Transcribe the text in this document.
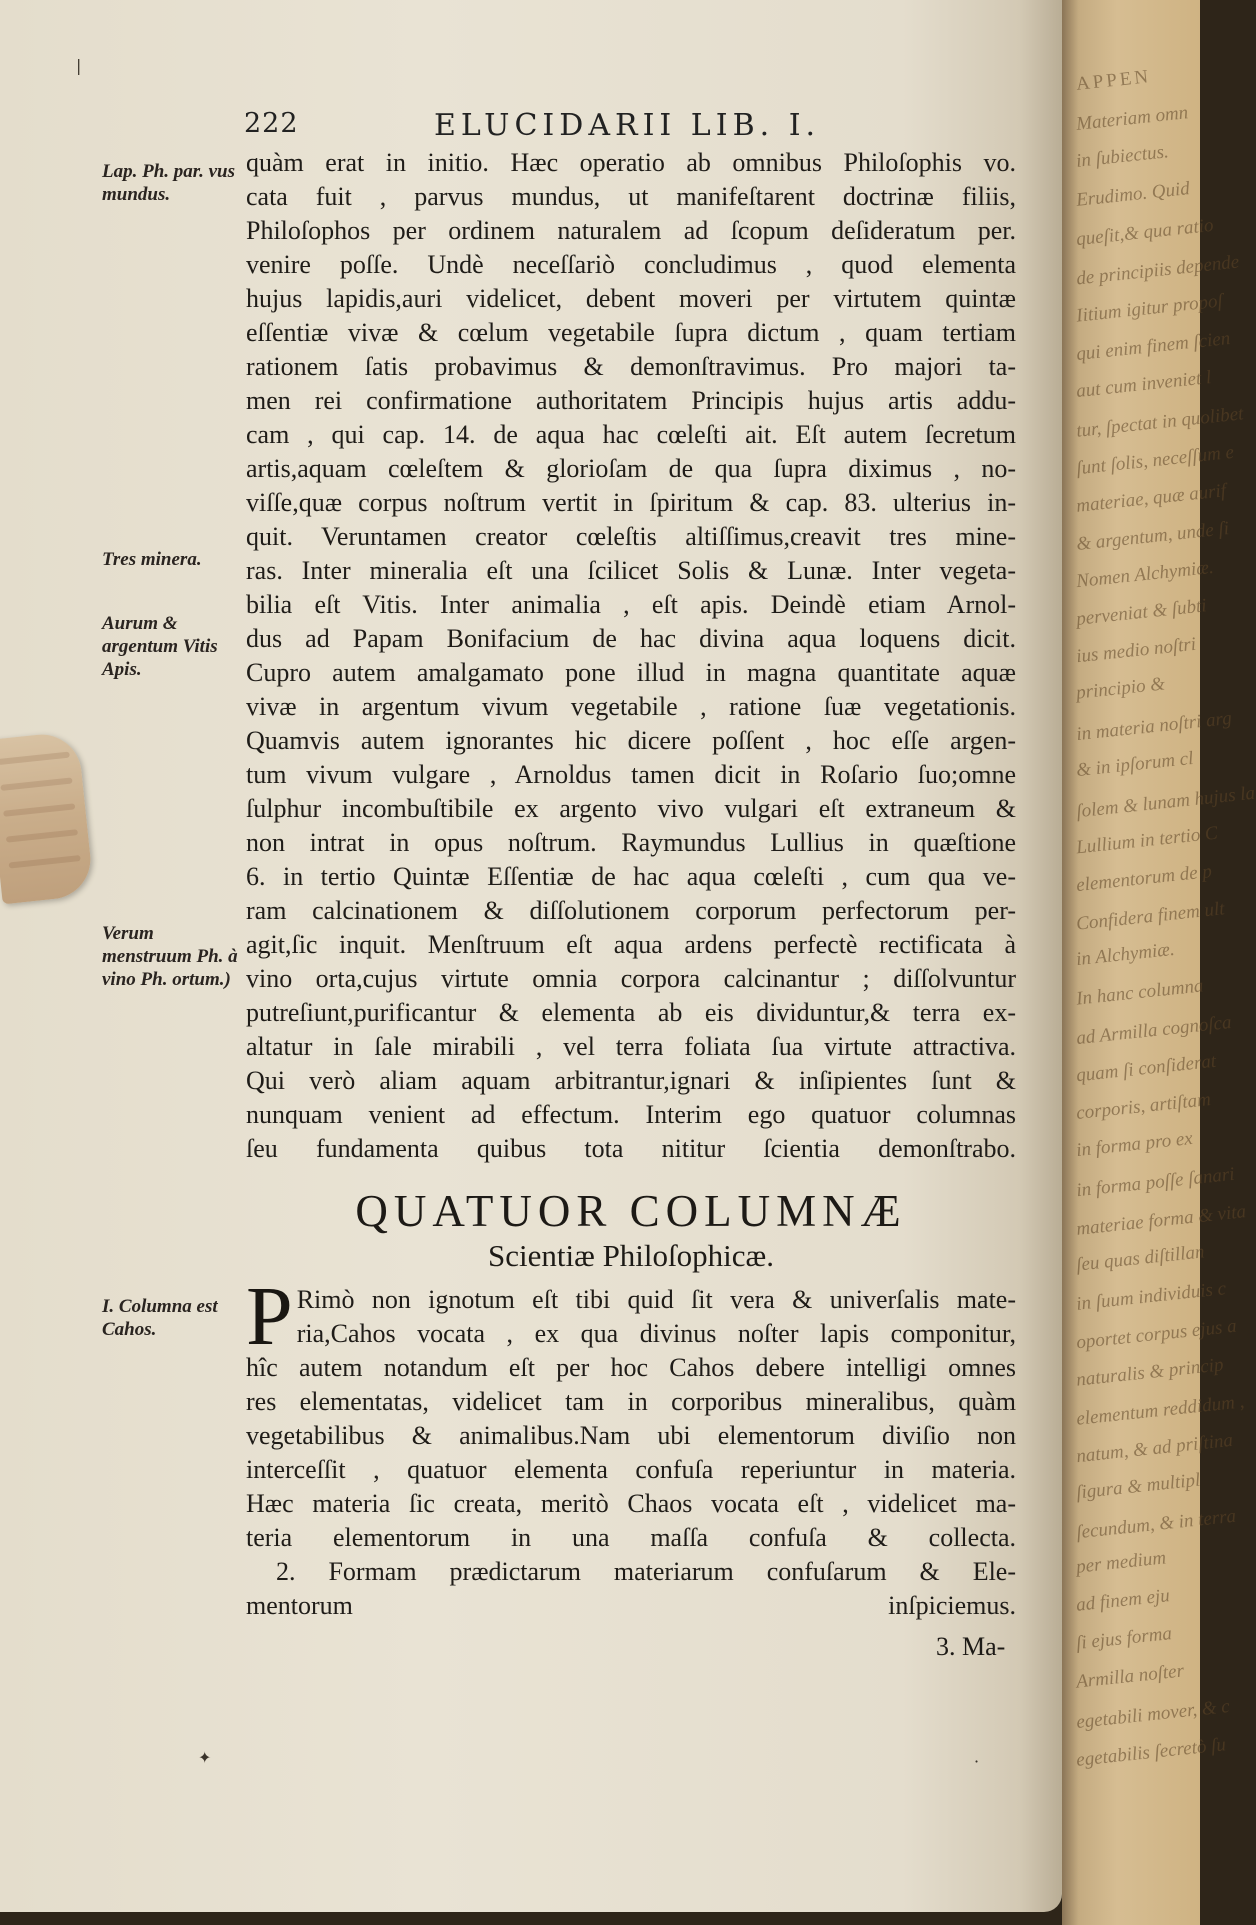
222	ELUCIDARII LIB. I.
Lap. Ph. par. vus mundus.
Tres minera.
Aurum & argentum Vitis Apis.
Verum menstruum Ph. à vino Ph. ortum.)
I. Columna est Cahos.

quàm erat in initio. Hæc operatio ab omnibus Philoſophis vo.
cata fuit , parvus mundus, ut manifeſtarent doctrinæ filiis,
Philoſophos per ordinem naturalem ad ſcopum deſideratum per.
venire poſſe. Undè neceſſariò concludimus , quod elementa
hujus lapidis,auri videlicet, debent moveri per virtutem quintæ
eſſentiæ vivæ & cœlum vegetabile ſupra dictum , quam tertiam
rationem ſatis probavimus & demonſtravimus. Pro majori ta-
men rei confirmatione authoritatem Principis hujus artis addu-
cam , qui cap. 14. de aqua hac cœleſti ait. Eſt autem ſecretum
artis,aquam cœleſtem & glorioſam de qua ſupra diximus , no-
viſſe,quæ corpus noſtrum vertit in ſpiritum & cap. 83. ulterius in-
quit. Veruntamen creator cœleſtis altiſſimus,creavit tres mine-
ras. Inter mineralia eſt una ſcilicet Solis & Lunæ. Inter vegeta-
bilia eſt Vitis. Inter animalia , eſt apis. Deindè etiam Arnol-
dus ad Papam Bonifacium de hac divina aqua loquens dicit.
Cupro autem amalgamato pone illud in magna quantitate aquæ
vivæ in argentum vivum vegetabile , ratione ſuæ vegetationis.
Quamvis autem ignorantes hic dicere poſſent , hoc eſſe argen-
tum vivum vulgare , Arnoldus tamen dicit in Roſario ſuo;omne
ſulphur incombuſtibile ex argento vivo vulgari eſt extraneum &
non intrat in opus noſtrum. Raymundus Lullius in quæſtione
6. in tertio Quintæ Eſſentiæ de hac aqua cœleſti , cum qua ve-
ram calcinationem & diſſolutionem corporum perfectorum per-
agit,ſic inquit. Menſtruum eſt aqua ardens perfectè rectificata à
vino orta,cujus virtute omnia corpora calcinantur ; diſſolvuntur
putreſiunt,purificantur & elementa ab eis dividuntur,& terra ex-
altatur in ſale mirabili , vel terra foliata ſua virtute attractiva.
Qui verò aliam aquam arbitrantur,ignari & inſipientes ſunt &
nunquam venient ad effectum. Interim ego quatuor columnas
ſeu fundamenta quibus tota nititur ſcientia demonſtrabo.

QUATUOR COLUMNÆ
Scientiæ Philoſophicæ.

P Rimò non ignotum eſt tibi quid ſit vera & univerſalis mate-
ria,Cahos vocata , ex qua divinus noſter lapis componitur,
hîc autem notandum eſt per hoc Cahos debere intelligi omnes
res elementatas, videlicet tam in corporibus mineralibus, quàm
vegetabilibus & animalibus.Nam ubi elementorum diviſio non
interceſſit , quatuor elementa confuſa reperiuntur in materia.
Hæc materia ſic creata, meritò Chaos vocata eſt , videlicet ma-
teria elementorum in una maſſa confuſa & collecta.
2. Formam prædictarum materiarum confuſarum & Ele-
mentorum inſpiciemus.

3. Ma-
|
✦	·
APPEN
Materiam omn
in ſubiectus.
Erudimo. Quid
queſit,& qua ratio
de principiis depende
Iitium igitur propoſ
qui enim finem ſcien
aut cum inveniet l
tur, ſpectat in quolibet
ſunt ſolis, neceſſum e
materiae, quæ aurif
& argentum, unde ſi
Nomen Alchymiæ.
perveniat & ſubti
ius medio noſtri
principio &
in materia noſtri arg
& in ipſorum cl
ſolem & lunam hujus la
Lullium in tertio C
elementorum de p
Confidera finem ult
in Alchymiæ.
In hanc columna
ad Armilla cognoſca
quam ſi conſiderat
corporis, artiſtam
in forma pro ex
in forma poſſe ſanari
materiae forma & vita
ſeu quas diſtillan
in ſuum individuis c
oportet corpus ejus a
naturalis & princip
elementum reddidum ,
natum, & ad priſtina
ſigura & multipl
ſecundum, & in terra
per medium
ad finem eju
ſi ejus forma
Armilla noſter
egetabili mover, & c
egetabilis ſecretò ſu
